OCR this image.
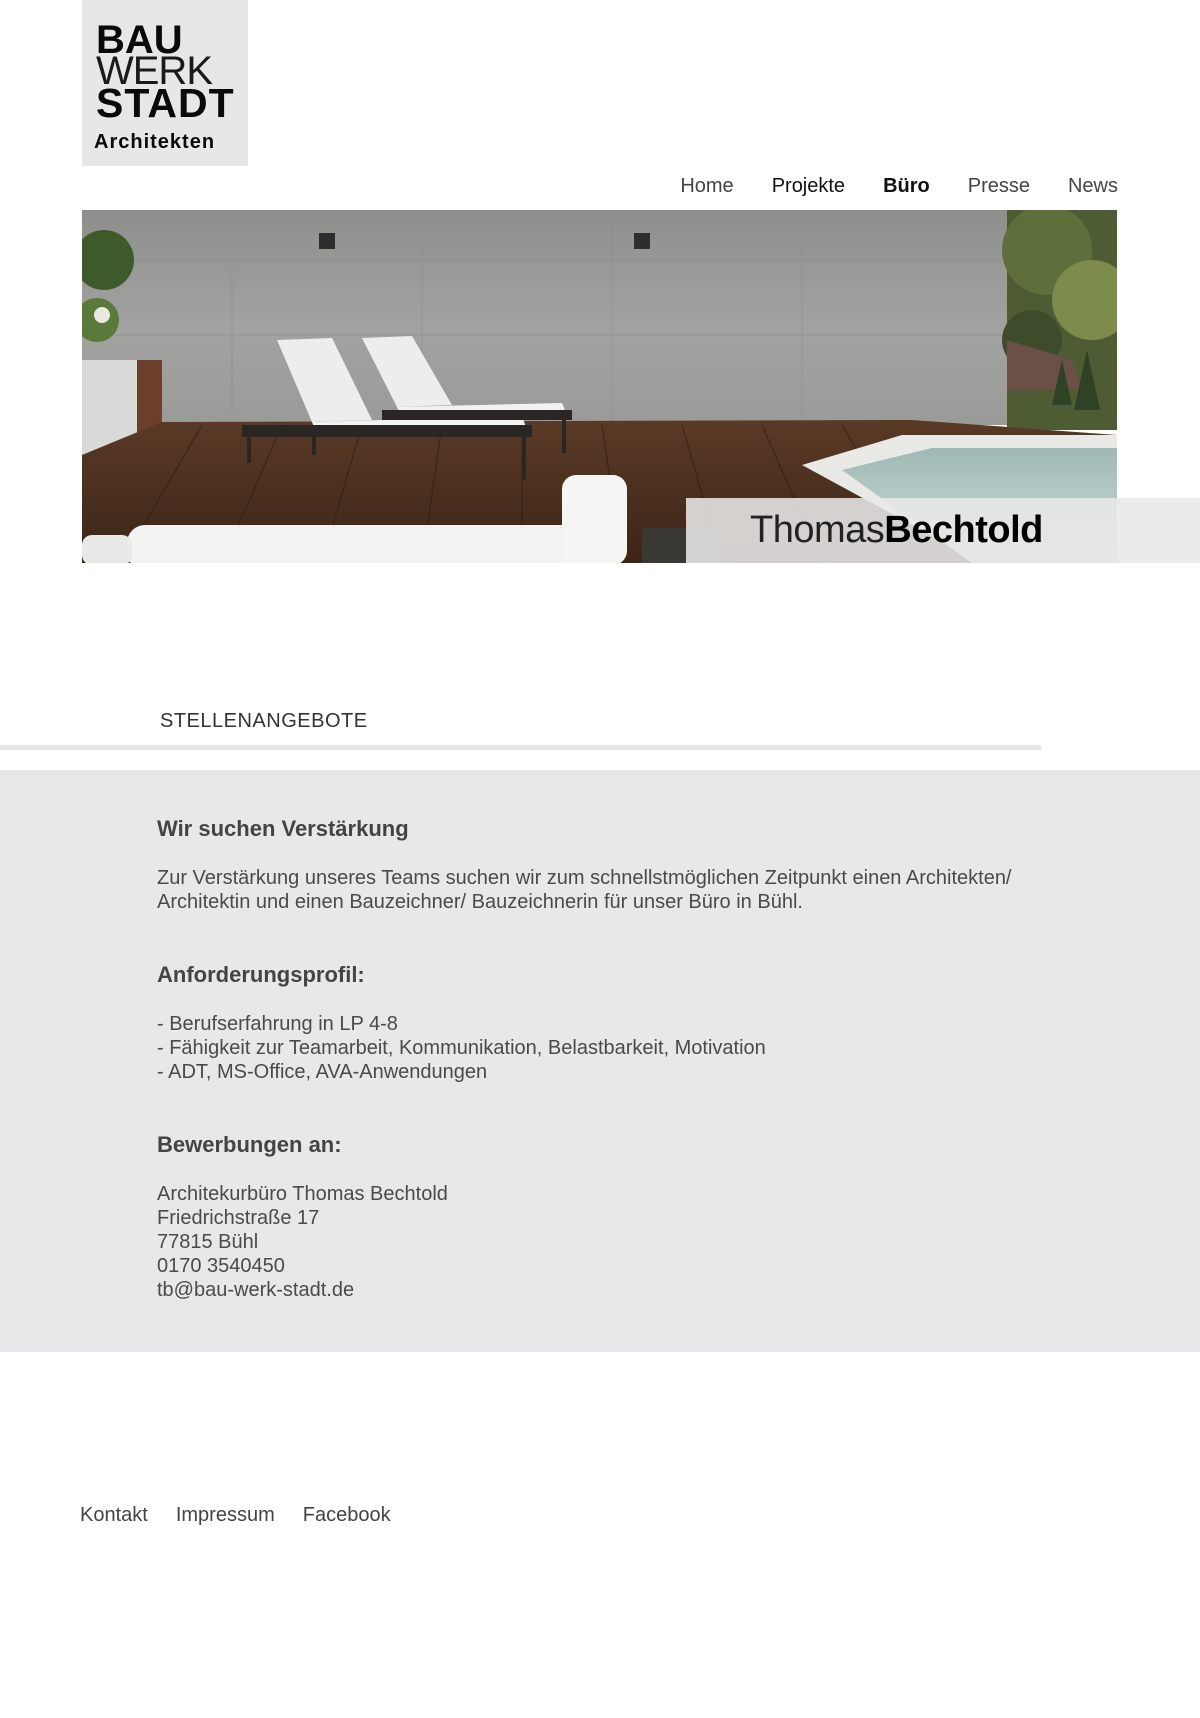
BAU
WERK
STADT
Architekten
Home Projekte Büro Presse News
ThomasBechtold
STELLENANGEBOTE
Wir suchen Verstärkung
Zur Verstärkung unseres Teams suchen wir zum schnellstmöglichen Zeitpunkt einen Architekten/
Architektin und einen Bauzeichner/ Bauzeichnerin für unser Büro in Bühl.
Anforderungsprofil:
- Berufserfahrung in LP 4-8
- Fähigkeit zur Teamarbeit, Kommunikation, Belastbarkeit, Motivation
- ADT, MS-Office, AVA-Anwendungen
Bewerbungen an:
Architekurbüro Thomas Bechtold
Friedrichstraße 17
77815 Bühl
0170 3540450
tb@bau-werk-stadt.de
Kontakt Impressum Facebook
